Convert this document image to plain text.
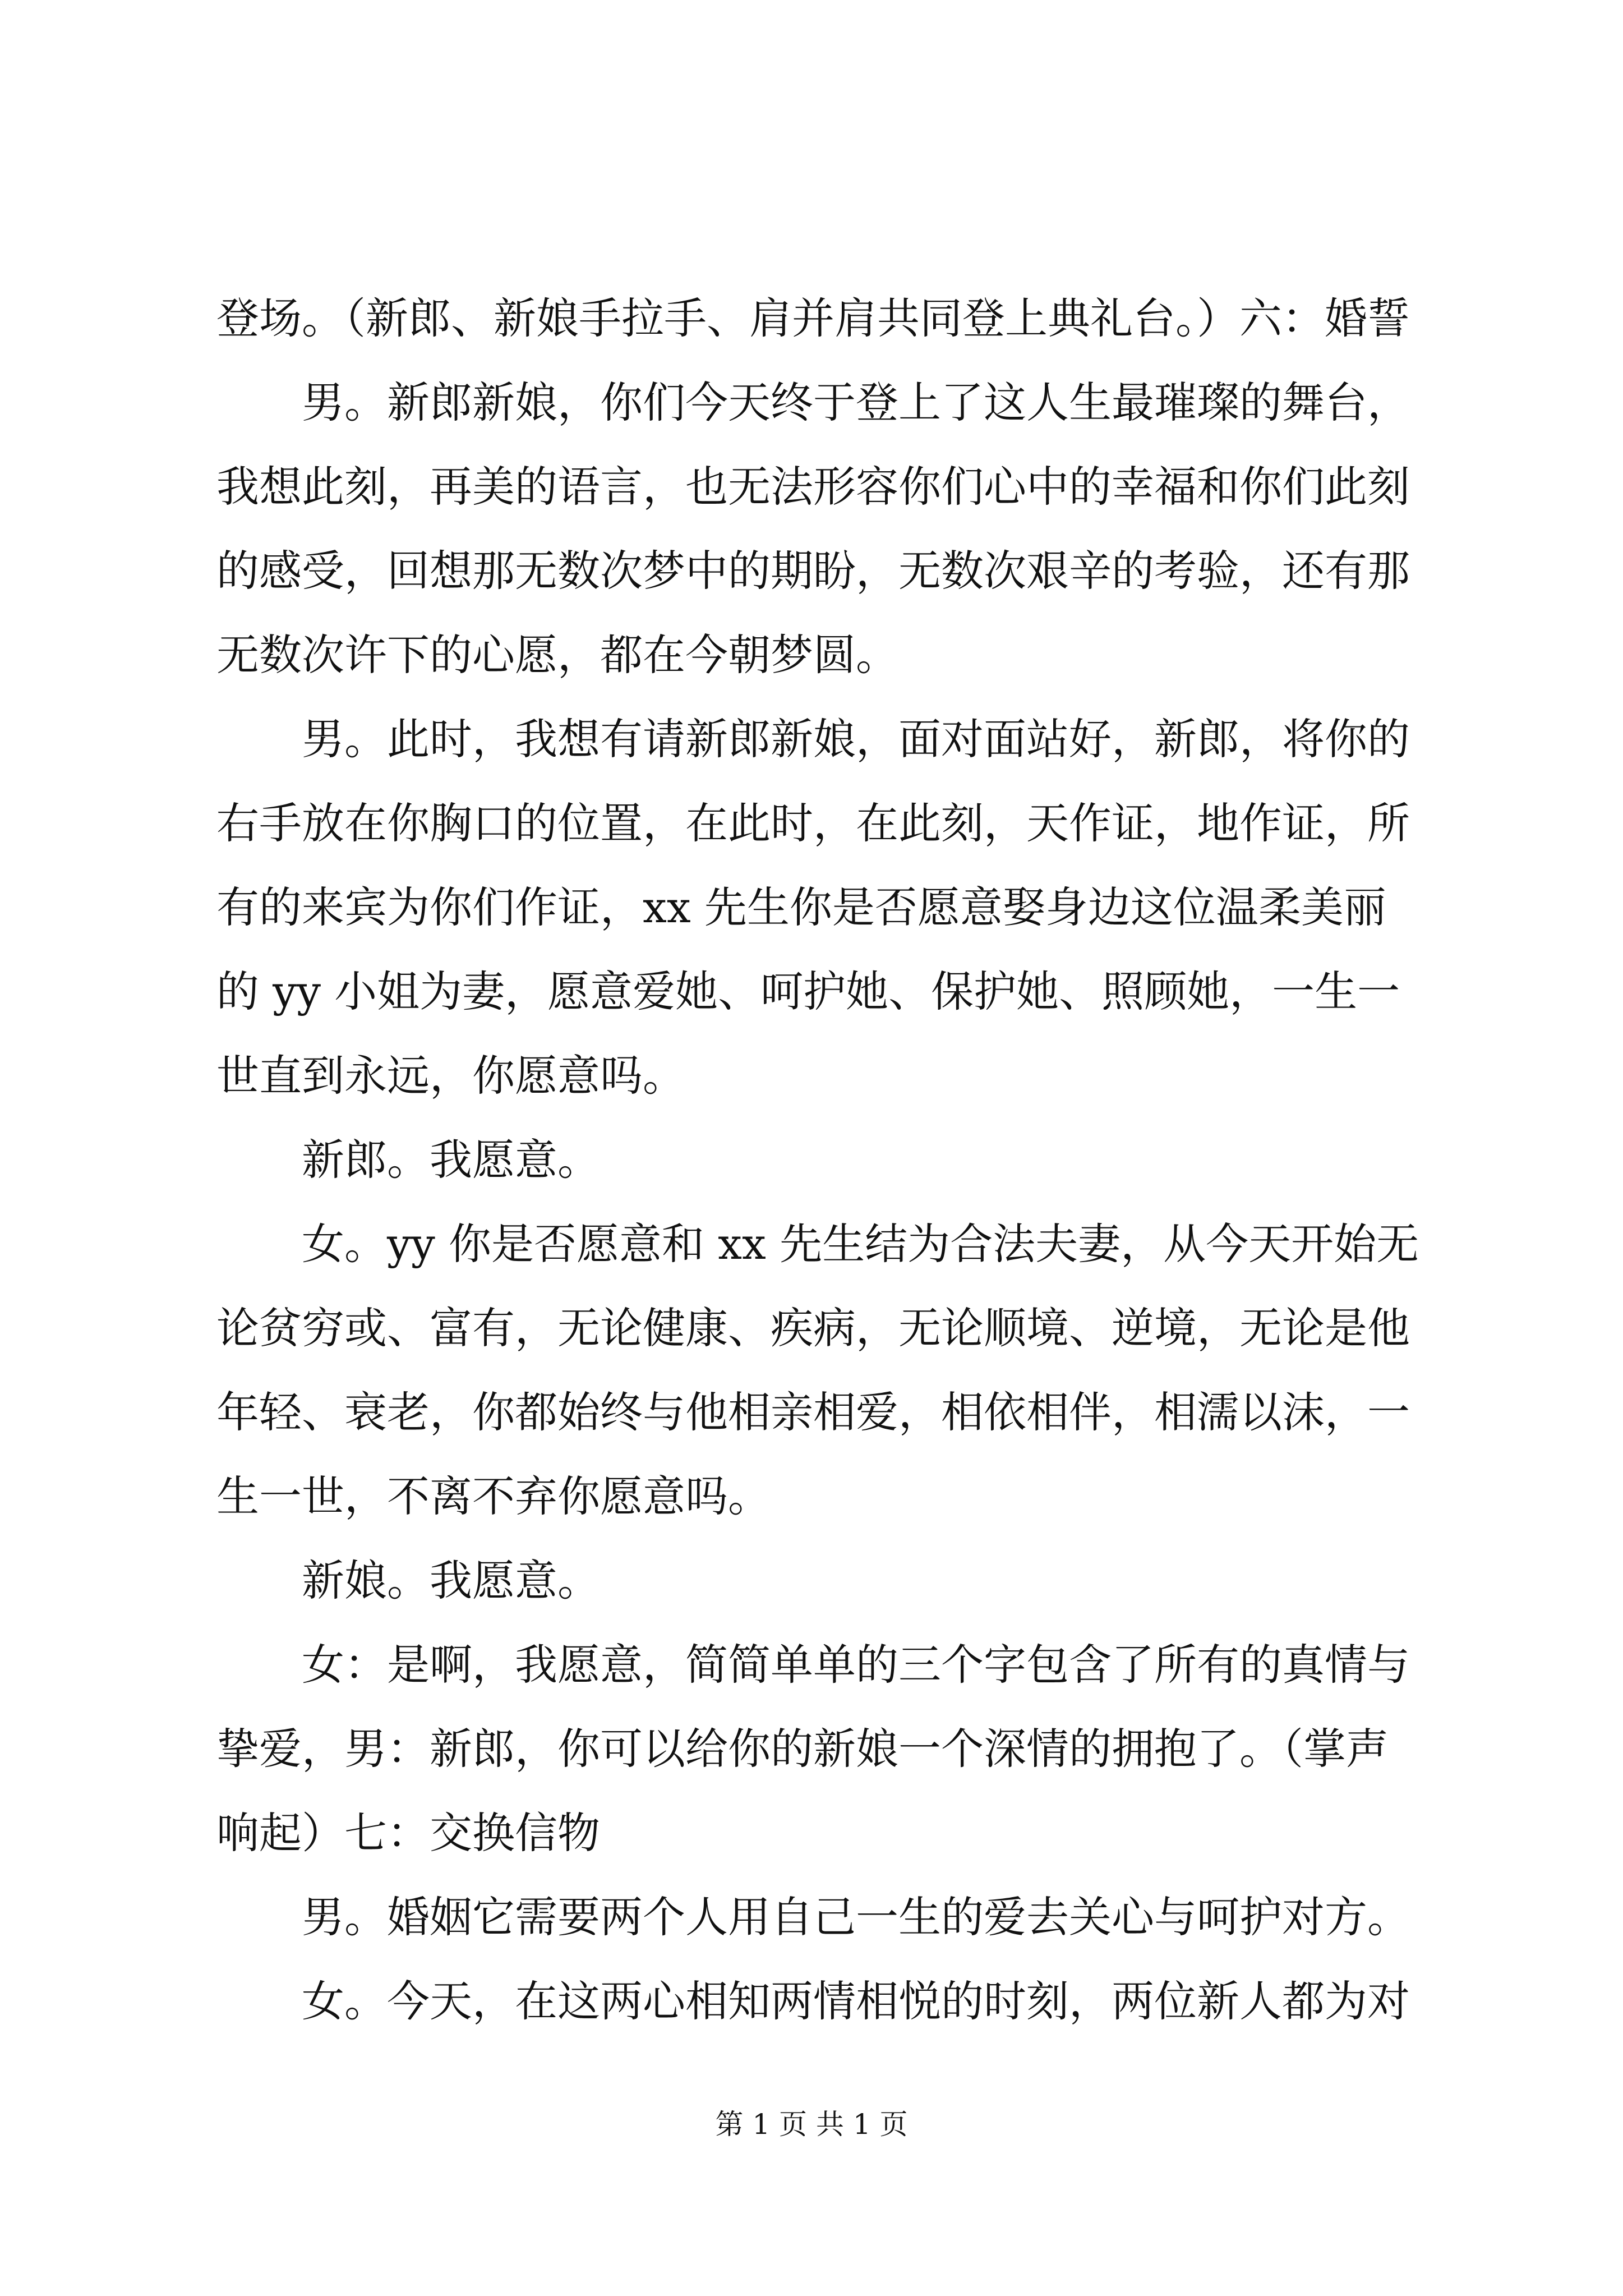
登场。（新郎、新娘手拉手、肩并肩共同登上典礼台。）六：婚誓
　　男。新郎新娘，你们今天终于登上了这人生最璀璨的舞台，
我想此刻，再美的语言，也无法形容你们心中的幸福和你们此刻
的感受，回想那无数次梦中的期盼，无数次艰辛的考验，还有那
无数次许下的心愿，都在今朝梦圆。
　　男。此时，我想有请新郎新娘，面对面站好，新郎，将你的
右手放在你胸口的位置，在此时，在此刻，天作证，地作证，所
有的来宾为你们作证，xx 先生你是否愿意娶身边这位温柔美丽
的 yy 小姐为妻，愿意爱她、呵护她、保护她、照顾她，一生一
世直到永远，你愿意吗。
　　新郎。我愿意。
　　女。yy 你是否愿意和 xx 先生结为合法夫妻，从今天开始无
论贫穷或、富有，无论健康、疾病，无论顺境、逆境，无论是他
年轻、衰老，你都始终与他相亲相爱，相依相伴，相濡以沫，一
生一世，不离不弃你愿意吗。
　　新娘。我愿意。
　　女：是啊，我愿意，简简单单的三个字包含了所有的真情与
挚爱，男：新郎，你可以给你的新娘一个深情的拥抱了。（掌声
响起）七：交换信物
　　男。婚姻它需要两个人用自己一生的爱去关心与呵护对方。
　　女。今天，在这两心相知两情相悦的时刻，两位新人都为对
第 1 页 共 1 页
